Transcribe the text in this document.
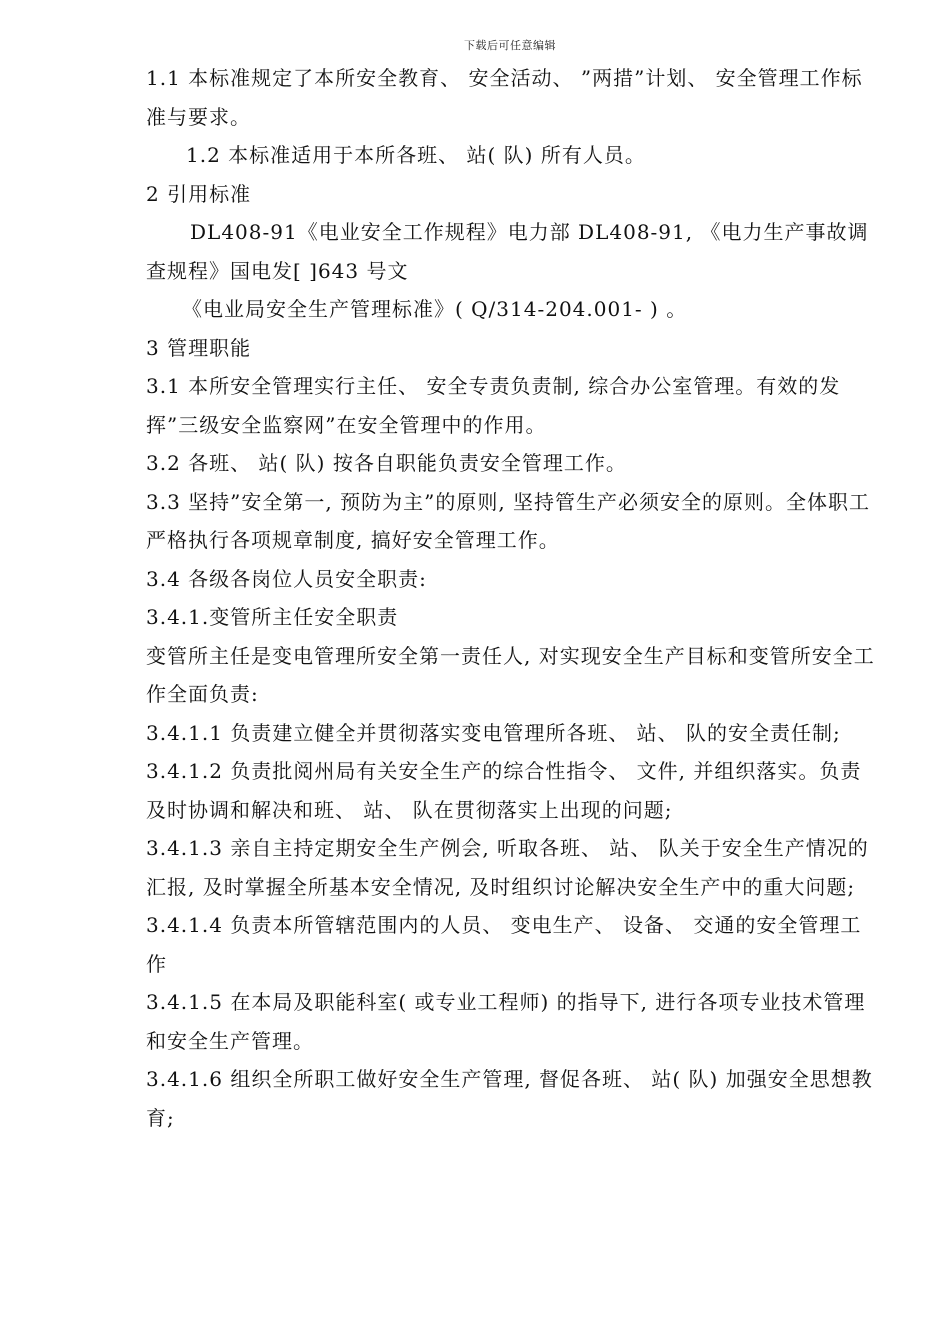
下载后可任意编辑

1.1 本标准规定了本所安全教育、 安全活动、 ”两措”计划、 安全管理工作标准与要求。

1.2 本标准适用于本所各班、 站( 队) 所有人员。

2 引用标准

DL408-91《电业安全工作规程》电力部 DL408-91, 《电力生产事故调查规程》国电发[ ]643 号文

《电业局安全生产管理标准》( Q/314-204.001- ) 。

3 管理职能

3.1 本所安全管理实行主任、 安全专责负责制, 综合办公室管理。有效的发挥”三级安全监察网”在安全管理中的作用。

3.2 各班、 站( 队) 按各自职能负责安全管理工作。

3.3 坚持”安全第一, 预防为主”的原则, 坚持管生产必须安全的原则。全体职工严格执行各项规章制度, 搞好安全管理工作。

3.4 各级各岗位人员安全职责:

3.4.1.变管所主任安全职责

变管所主任是变电管理所安全第一责任人, 对实现安全生产目标和变管所安全工作全面负责:

3.4.1.1 负责建立健全并贯彻落实变电管理所各班、 站、 队的安全责任制;

3.4.1.2 负责批阅州局有关安全生产的综合性指令、 文件, 并组织落实。负责及时协调和解决和班、 站、 队在贯彻落实上出现的问题;

3.4.1.3 亲自主持定期安全生产例会, 听取各班、 站、 队关于安全生产情况的汇报, 及时掌握全所基本安全情况, 及时组织讨论解决安全生产中的重大问题;

3.4.1.4 负责本所管辖范围内的人员、 变电生产、 设备、 交通的安全管理工作

3.4.1.5 在本局及职能科室( 或专业工程师) 的指导下, 进行各项专业技术管理和安全生产管理。

3.4.1.6 组织全所职工做好安全生产管理, 督促各班、 站( 队) 加强安全思想教育;
